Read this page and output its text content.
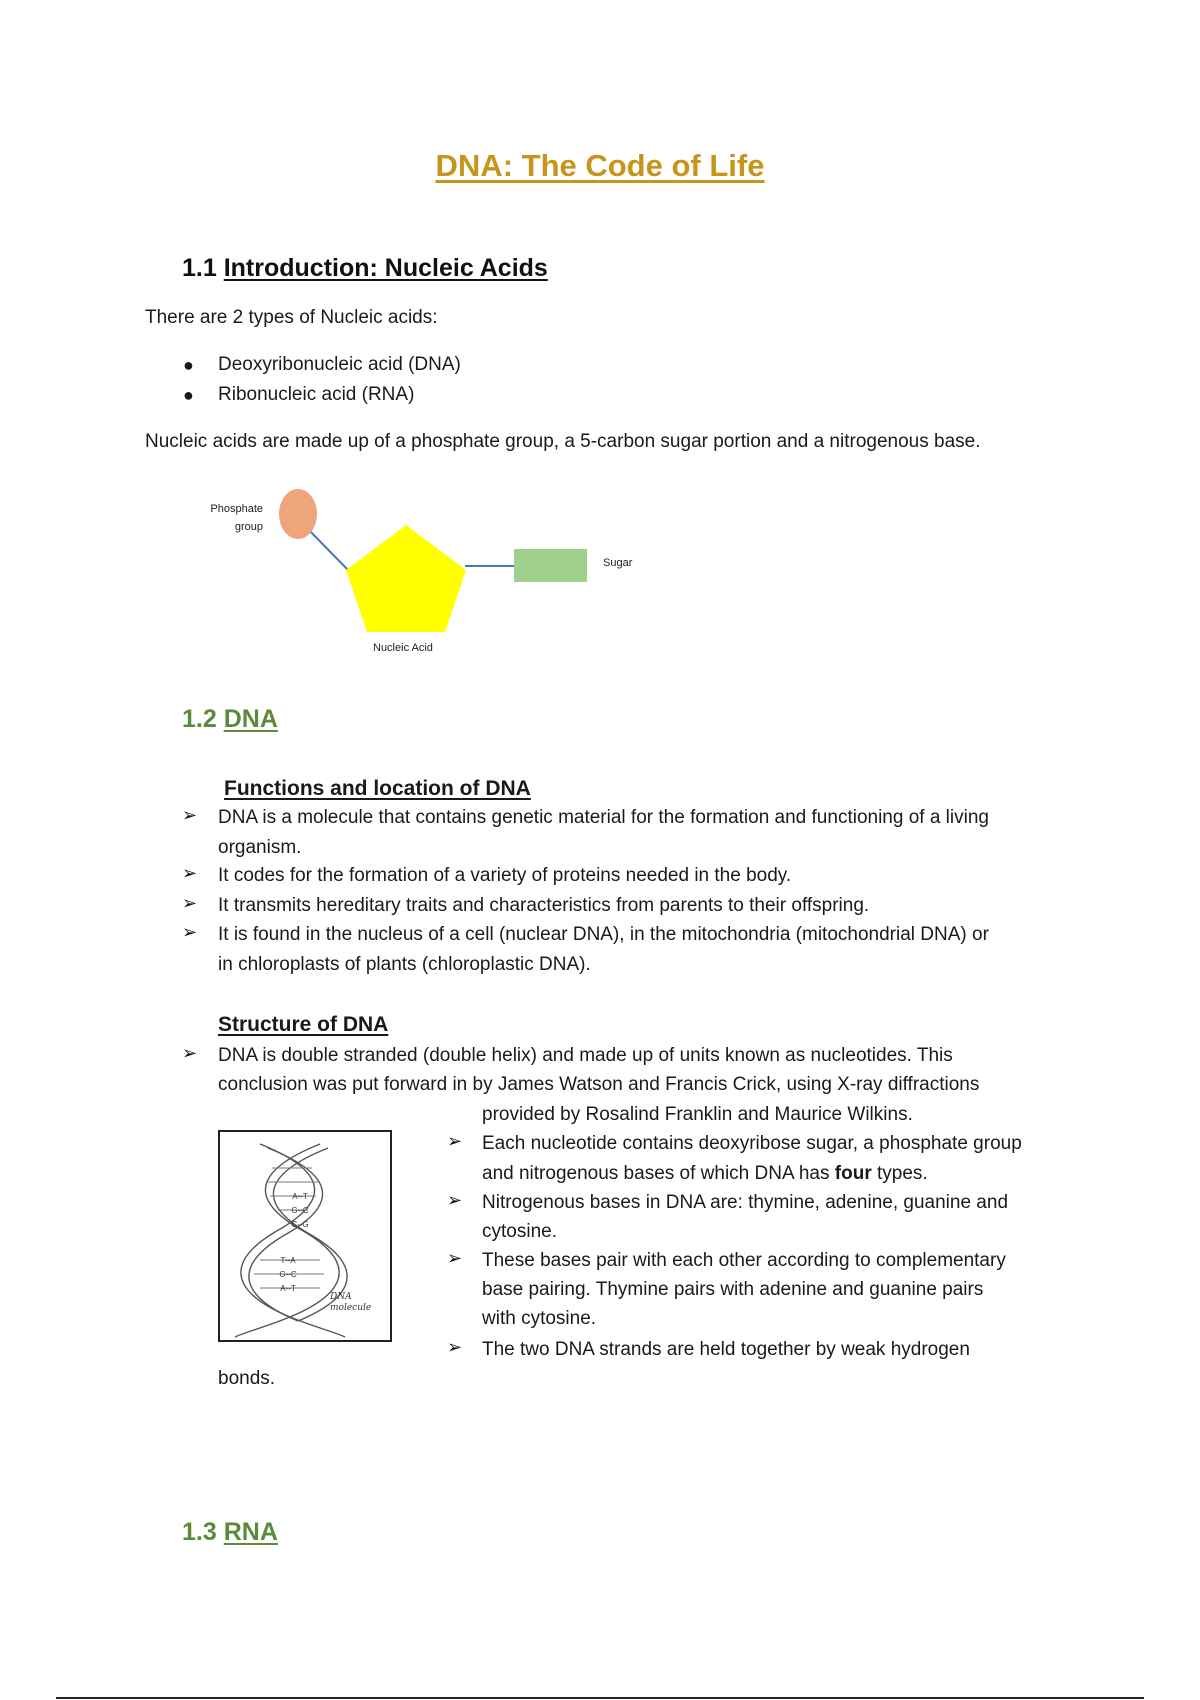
DNA: The Code of Life
1.1 Introduction: Nucleic Acids
There are 2 types of Nucleic acids:
● Deoxyribonucleic acid (DNA)
● Ribonucleic acid (RNA)
Nucleic acids are made up of a phosphate group, a 5-carbon sugar portion and a nitrogenous base.
Phosphate
group
Sugar
Nucleic Acid
1.2 DNA
Functions and location of DNA
➢ DNA is a molecule that contains genetic material for the formation and functioning of a living
organism.
➢ It codes for the formation of a variety of proteins needed in the body.
➢ It transmits hereditary traits and characteristics from parents to their offspring.
➢ It is found in the nucleus of a cell (nuclear DNA), in the mitochondria (mitochondrial DNA) or
in chloroplasts of plants (chloroplastic DNA).
Structure of DNA
➢ DNA is double stranded (double helix) and made up of units known as nucleotides. This
conclusion was put forward in by James Watson and Francis Crick, using X-ray diffractions
provided by Rosalind Franklin and Maurice Wilkins.
➢ Each nucleotide contains deoxyribose sugar, a phosphate group
and nitrogenous bases of which DNA has four types.
➢ Nitrogenous bases in DNA are: thymine, adenine, guanine and
cytosine.
➢ These bases pair with each other according to complementary
base pairing. Thymine pairs with adenine and guanine pairs
with cytosine.
➢ The two DNA strands are held together by weak hydrogen
bonds.
A--T
G--C
C--G
T--A
G--C
A--T
DNA
molecule
1.3 RNA
